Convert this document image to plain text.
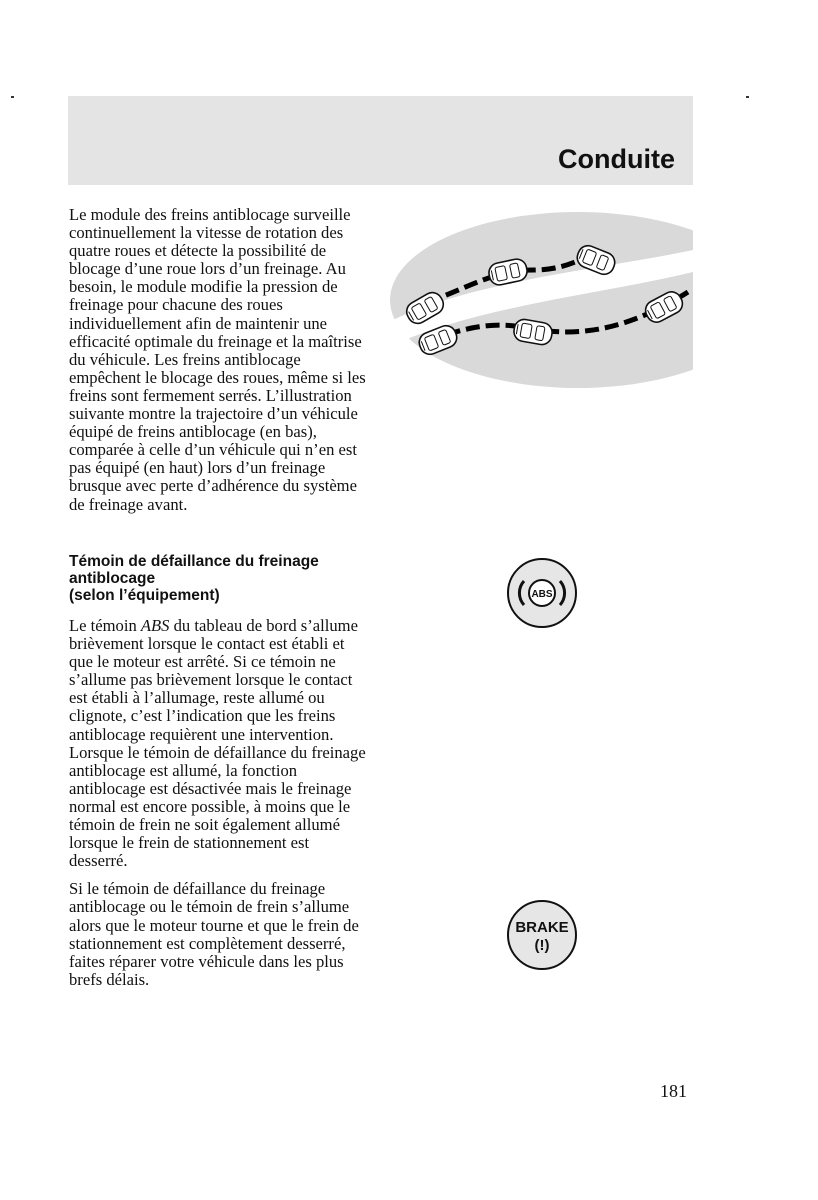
Conduite

Le module des freins antiblocage surveille continuellement la vitesse de rotation des quatre roues et détecte la possibilité de blocage d’une roue lors d’un freinage. Au besoin, le module modifie la pression de freinage pour chacune des roues individuellement afin de maintenir une efficacité optimale du freinage et la maîtrise du véhicule. Les freins antiblocage empêchent le blocage des roues, même si les freins sont fermement serrés. L’illustration suivante montre la trajectoire d’un véhicule équipé de freins antiblocage (en bas), comparée à celle d’un véhicule qui n’en est pas équipé (en haut) lors d’un freinage brusque avec perte d’adhérence du système de freinage avant.

Témoin de défaillance du freinage antiblocage
(selon l’équipement)

Le témoin ABS du tableau de bord s’allume brièvement lorsque le contact est établi et que le moteur est arrêté. Si ce témoin ne s’allume pas brièvement lorsque le contact est établi à l’allumage, reste allumé ou clignote, c’est l’indication que les freins antiblocage requièrent une intervention. Lorsque le témoin de défaillance du freinage antiblocage est allumé, la fonction antiblocage est désactivée mais le freinage normal est encore possible, à moins que le témoin de frein ne soit également allumé lorsque le frein de stationnement est desserré.

Si le témoin de défaillance du freinage antiblocage ou le témoin de frein s’allume alors que le moteur tourne et que le frein de stationnement est complètement desserré, faites réparer votre véhicule dans les plus brefs délais.

ABS
BRAKE
(!)
181
